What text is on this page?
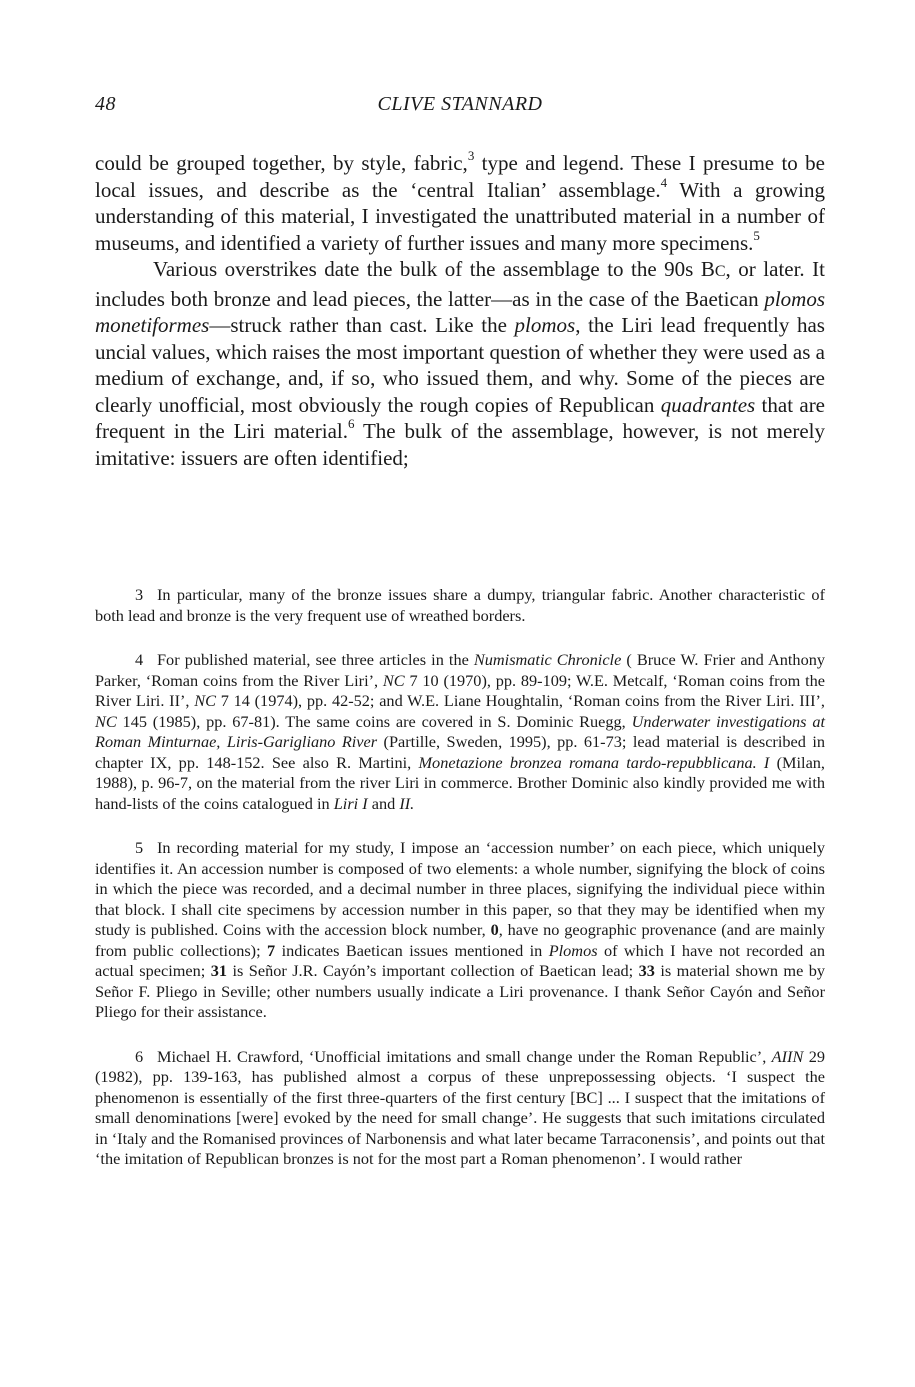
48	CLIVE STANNARD

could be grouped together, by style, fabric,$^3$ type and legend. These I presume to be local issues, and describe as the ‘central Italian’ assemblage.$^4$ With a growing understanding of this material, I investigated the unattributed material in a number of museums, and identified a variety of further issues and many more specimens.$^5$

Various overstrikes date the bulk of the assemblage to the 90s BC, or later. It includes both bronze and lead pieces, the latter—as in the case of the Baetican plomos monetiformes—struck rather than cast. Like the plomos, the Liri lead frequently has uncial values, which raises the most important question of whether they were used as a medium of exchange, and, if so, who issued them, and why. Some of the pieces are clearly unofficial, most obviously the rough copies of Republican quadrantes that are frequent in the Liri material.$^6$ The bulk of the assemblage, however, is not merely imitative: issuers are often identified;

3 In particular, many of the bronze issues share a dumpy, triangular fabric. Another characteristic of both lead and bronze is the very frequent use of wreathed borders.

4 For published material, see three articles in the Numismatic Chronicle ( Bruce W. Frier and Anthony Parker, ‘Roman coins from the River Liri’, NC 7 10 (1970), pp. 89-109; W.E. Metcalf, ‘Roman coins from the River Liri. II’, NC 7 14 (1974), pp. 42-52; and W.E. Liane Houghtalin, ‘Roman coins from the River Liri. III’, NC 145 (1985), pp. 67-81). The same coins are covered in S. Dominic Ruegg, Underwater investigations at Roman Minturnae, Liris-Garigliano River (Partille, Sweden, 1995), pp. 61-73; lead material is described in chapter IX, pp. 148-152. See also R. Martini, Monetazione bronzea romana tardo-repubblicana. I (Milan, 1988), p. 96-7, on the material from the river Liri in commerce. Brother Dominic also kindly provided me with hand-lists of the coins catalogued in Liri I and II.

5 In recording material for my study, I impose an ‘accession number’ on each piece, which uniquely identifies it. An accession number is composed of two elements: a whole number, signifying the block of coins in which the piece was recorded, and a decimal number in three places, signifying the individual piece within that block. I shall cite specimens by accession number in this paper, so that they may be identified when my study is published. Coins with the accession block number, 0, have no geographic provenance (and are mainly from public collections); 7 indicates Baetican issues mentioned in Plomos of which I have not recorded an actual specimen; 31 is Señor J.R. Cayón’s important collection of Baetican lead; 33 is material shown me by Señor F. Pliego in Seville; other numbers usually indicate a Liri provenance. I thank Señor Cayón and Señor Pliego for their assistance.

6 Michael H. Crawford, ‘Unofficial imitations and small change under the Roman Republic’, AIIN 29 (1982), pp. 139-163, has published almost a corpus of these unprepossessing objects. ‘I suspect the phenomenon is essentially of the first three-quarters of the first century [BC] ... I suspect that the imitations of small denominations [were] evoked by the need for small change’. He suggests that such imitations circulated in ‘Italy and the Romanised provinces of Narbonensis and what later became Tarraconensis’, and points out that ‘the imitation of Republican bronzes is not for the most part a Roman phenomenon’. I would rather
